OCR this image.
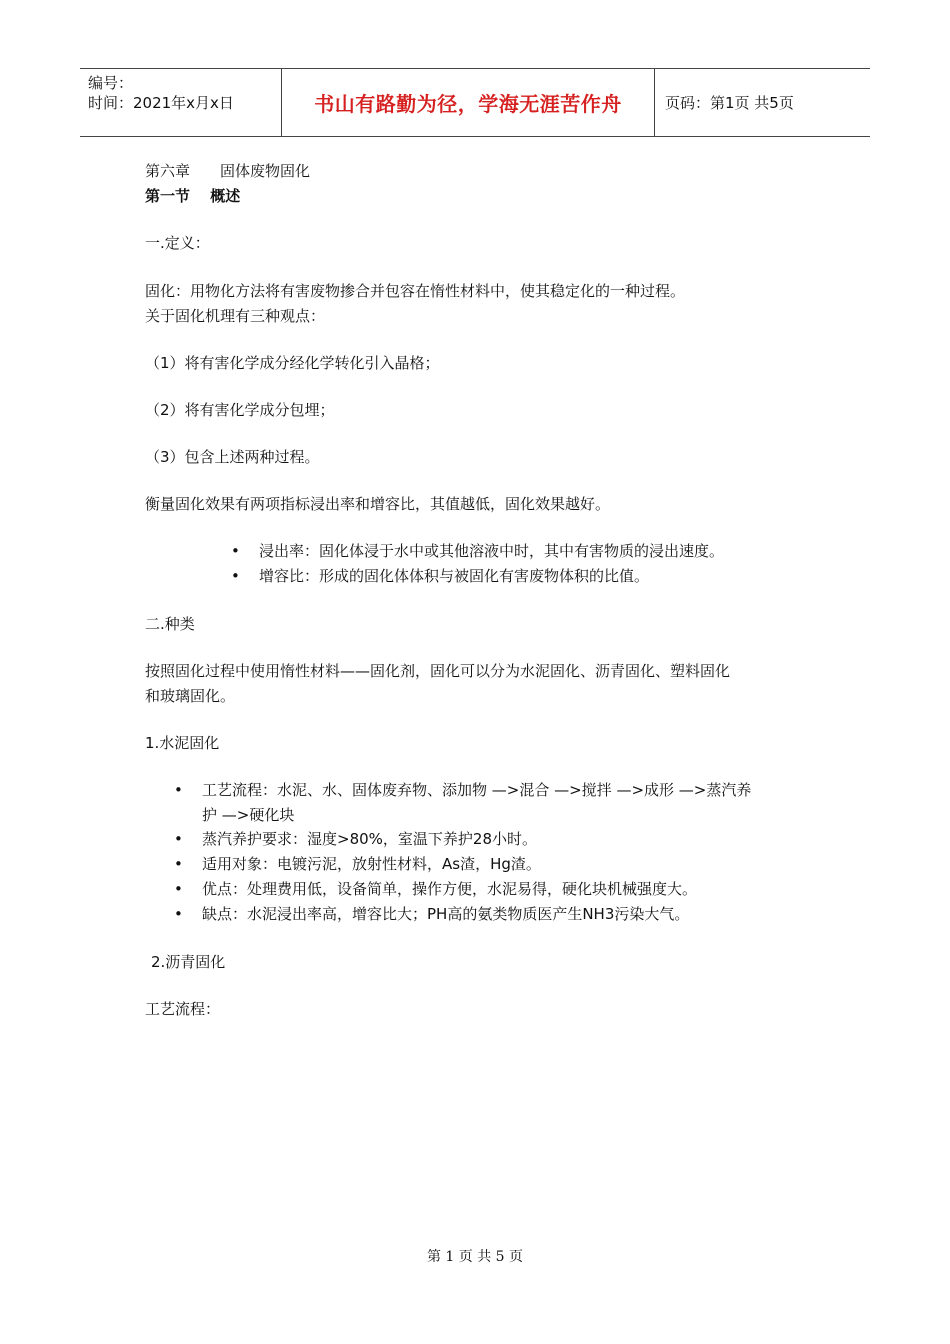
编号：
时间：2021年x月x日	书山有路勤为径，学海无涯苦作舟	页码：第1页 共5页
第六章　　固体废物固化
第一节　 概述
一.定义：
固化：用物化方法将有害废物掺合并包容在惰性材料中，使其稳定化的一种过程。
关于固化机理有三种观点：
（1）将有害化学成分经化学转化引入晶格；
（2）将有害化学成分包埋；
（3）包含上述两种过程。
衡量固化效果有两项指标浸出率和增容比，其值越低，固化效果越好。
• 浸出率：固化体浸于水中或其他溶液中时，其中有害物质的浸出速度。
• 增容比：形成的固化体体积与被固化有害废物体积的比值。
二.种类
按照固化过程中使用惰性材料——固化剂，固化可以分为水泥固化、沥青固化、塑料固化
和玻璃固化。
1.水泥固化
• 工艺流程：水泥、水、固体废弃物、添加物 —>混合 —>搅拌 —>成形 —>蒸汽养
护 —>硬化块
• 蒸汽养护要求：湿度>80%，室温下养护28小时。
• 适用对象：电镀污泥，放射性材料，As渣，Hg渣。
• 优点：处理费用低，设备简单，操作方便，水泥易得，硬化块机械强度大。
• 缺点：水泥浸出率高，增容比大；PH高的氨类物质医产生NH3污染大气。
2.沥青固化
工艺流程：
第 1 页 共 5 页
